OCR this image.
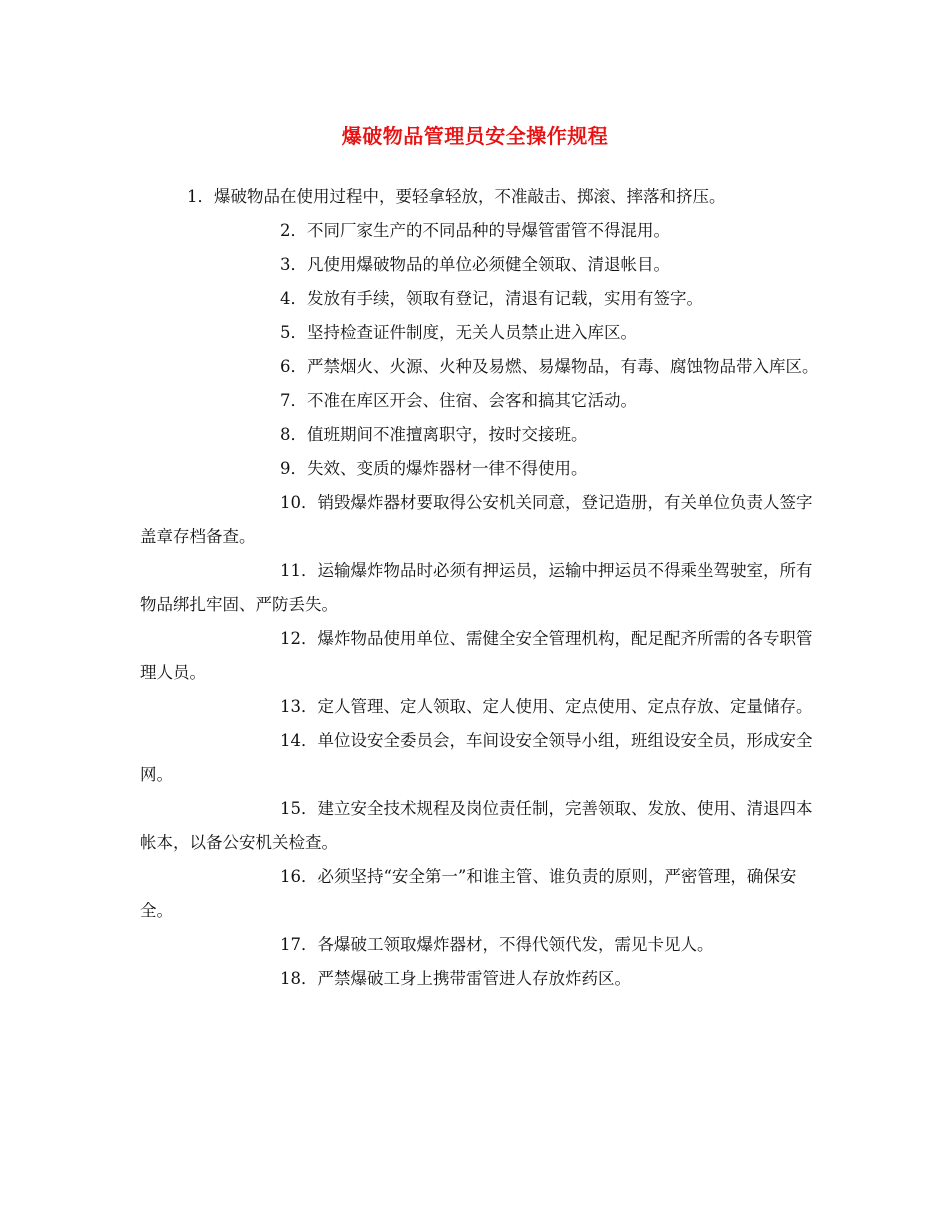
爆破物品管理员安全操作规程

1．爆破物品在使用过程中，要轻拿轻放，不准敲击、掷滚、摔落和挤压。

2．不同厂家生产的不同品种的导爆管雷管不得混用。

3．凡使用爆破物品的单位必须健全领取、清退帐目。

4．发放有手续，领取有登记，清退有记载，实用有签字。

5．坚持检查证件制度，无关人员禁止进入库区。

6．严禁烟火、火源、火种及易燃、易爆物品，有毒、腐蚀物品带入库区。

7．不准在库区开会、住宿、会客和搞其它活动。

8．值班期间不准擅离职守，按时交接班。

9．失效、变质的爆炸器材一律不得使用。

10．销毁爆炸器材要取得公安机关同意，登记造册，有关单位负责人签字盖章存档备查。

11．运输爆炸物品时必须有押运员，运输中押运员不得乘坐驾驶室，所有物品绑扎牢固、严防丢失。

12．爆炸物品使用单位、需健全安全管理机构，配足配齐所需的各专职管理人员。

13．定人管理、定人领取、定人使用、定点使用、定点存放、定量储存。

14．单位设安全委员会，车间设安全领导小组，班组设安全员，形成安全网。

15．建立安全技术规程及岗位责任制，完善领取、发放、使用、清退四本帐本，以备公安机关检查。

16．必须坚持“安全第一”和谁主管、谁负责的原则，严密管理，确保安全。

17．各爆破工领取爆炸器材，不得代领代发，需见卡见人。

18．严禁爆破工身上携带雷管进人存放炸药区。
